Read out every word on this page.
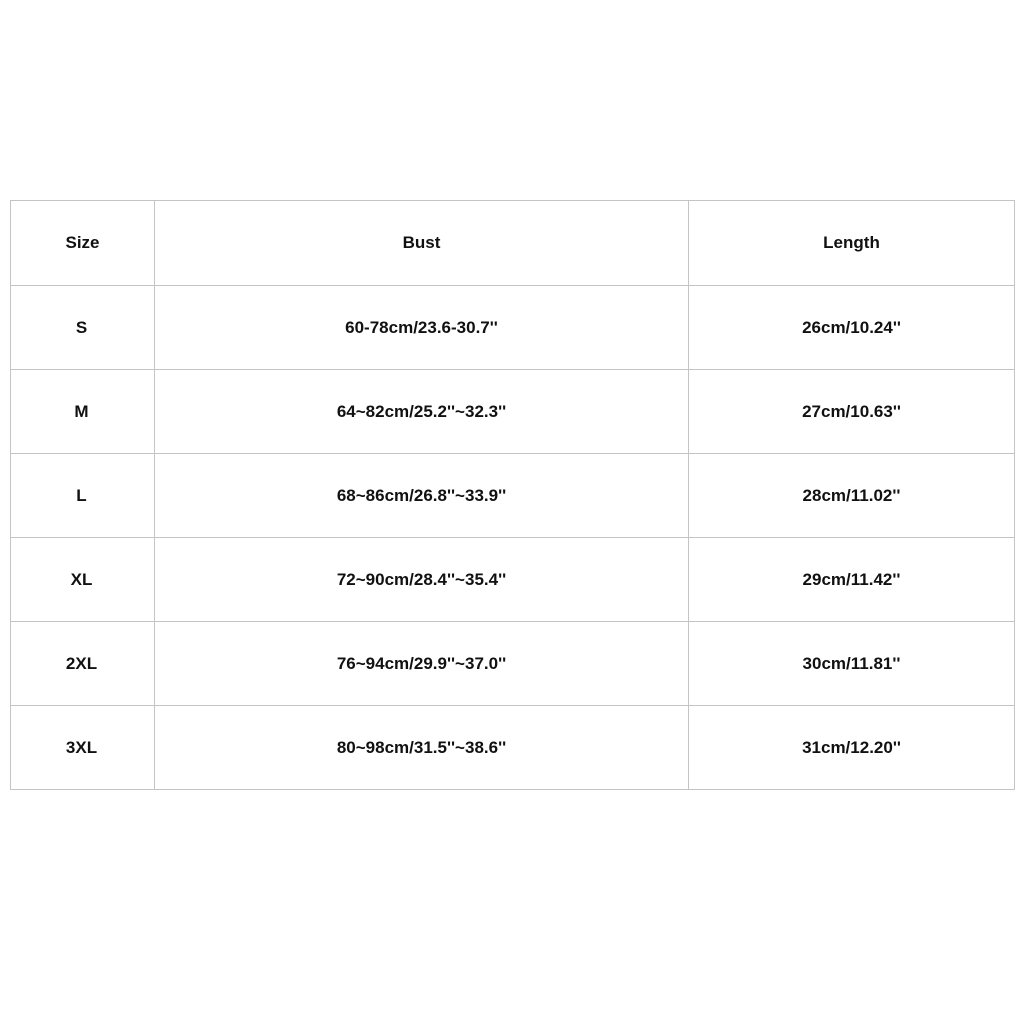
Size	Bust	Length
S	60-78cm/23.6-30.7''	26cm/10.24''
M	64~82cm/25.2''~32.3''	27cm/10.63''
L	68~86cm/26.8''~33.9''	28cm/11.02''
XL	72~90cm/28.4''~35.4''	29cm/11.42''
2XL	76~94cm/29.9''~37.0''	30cm/11.81''
3XL	80~98cm/31.5''~38.6''	31cm/12.20''
